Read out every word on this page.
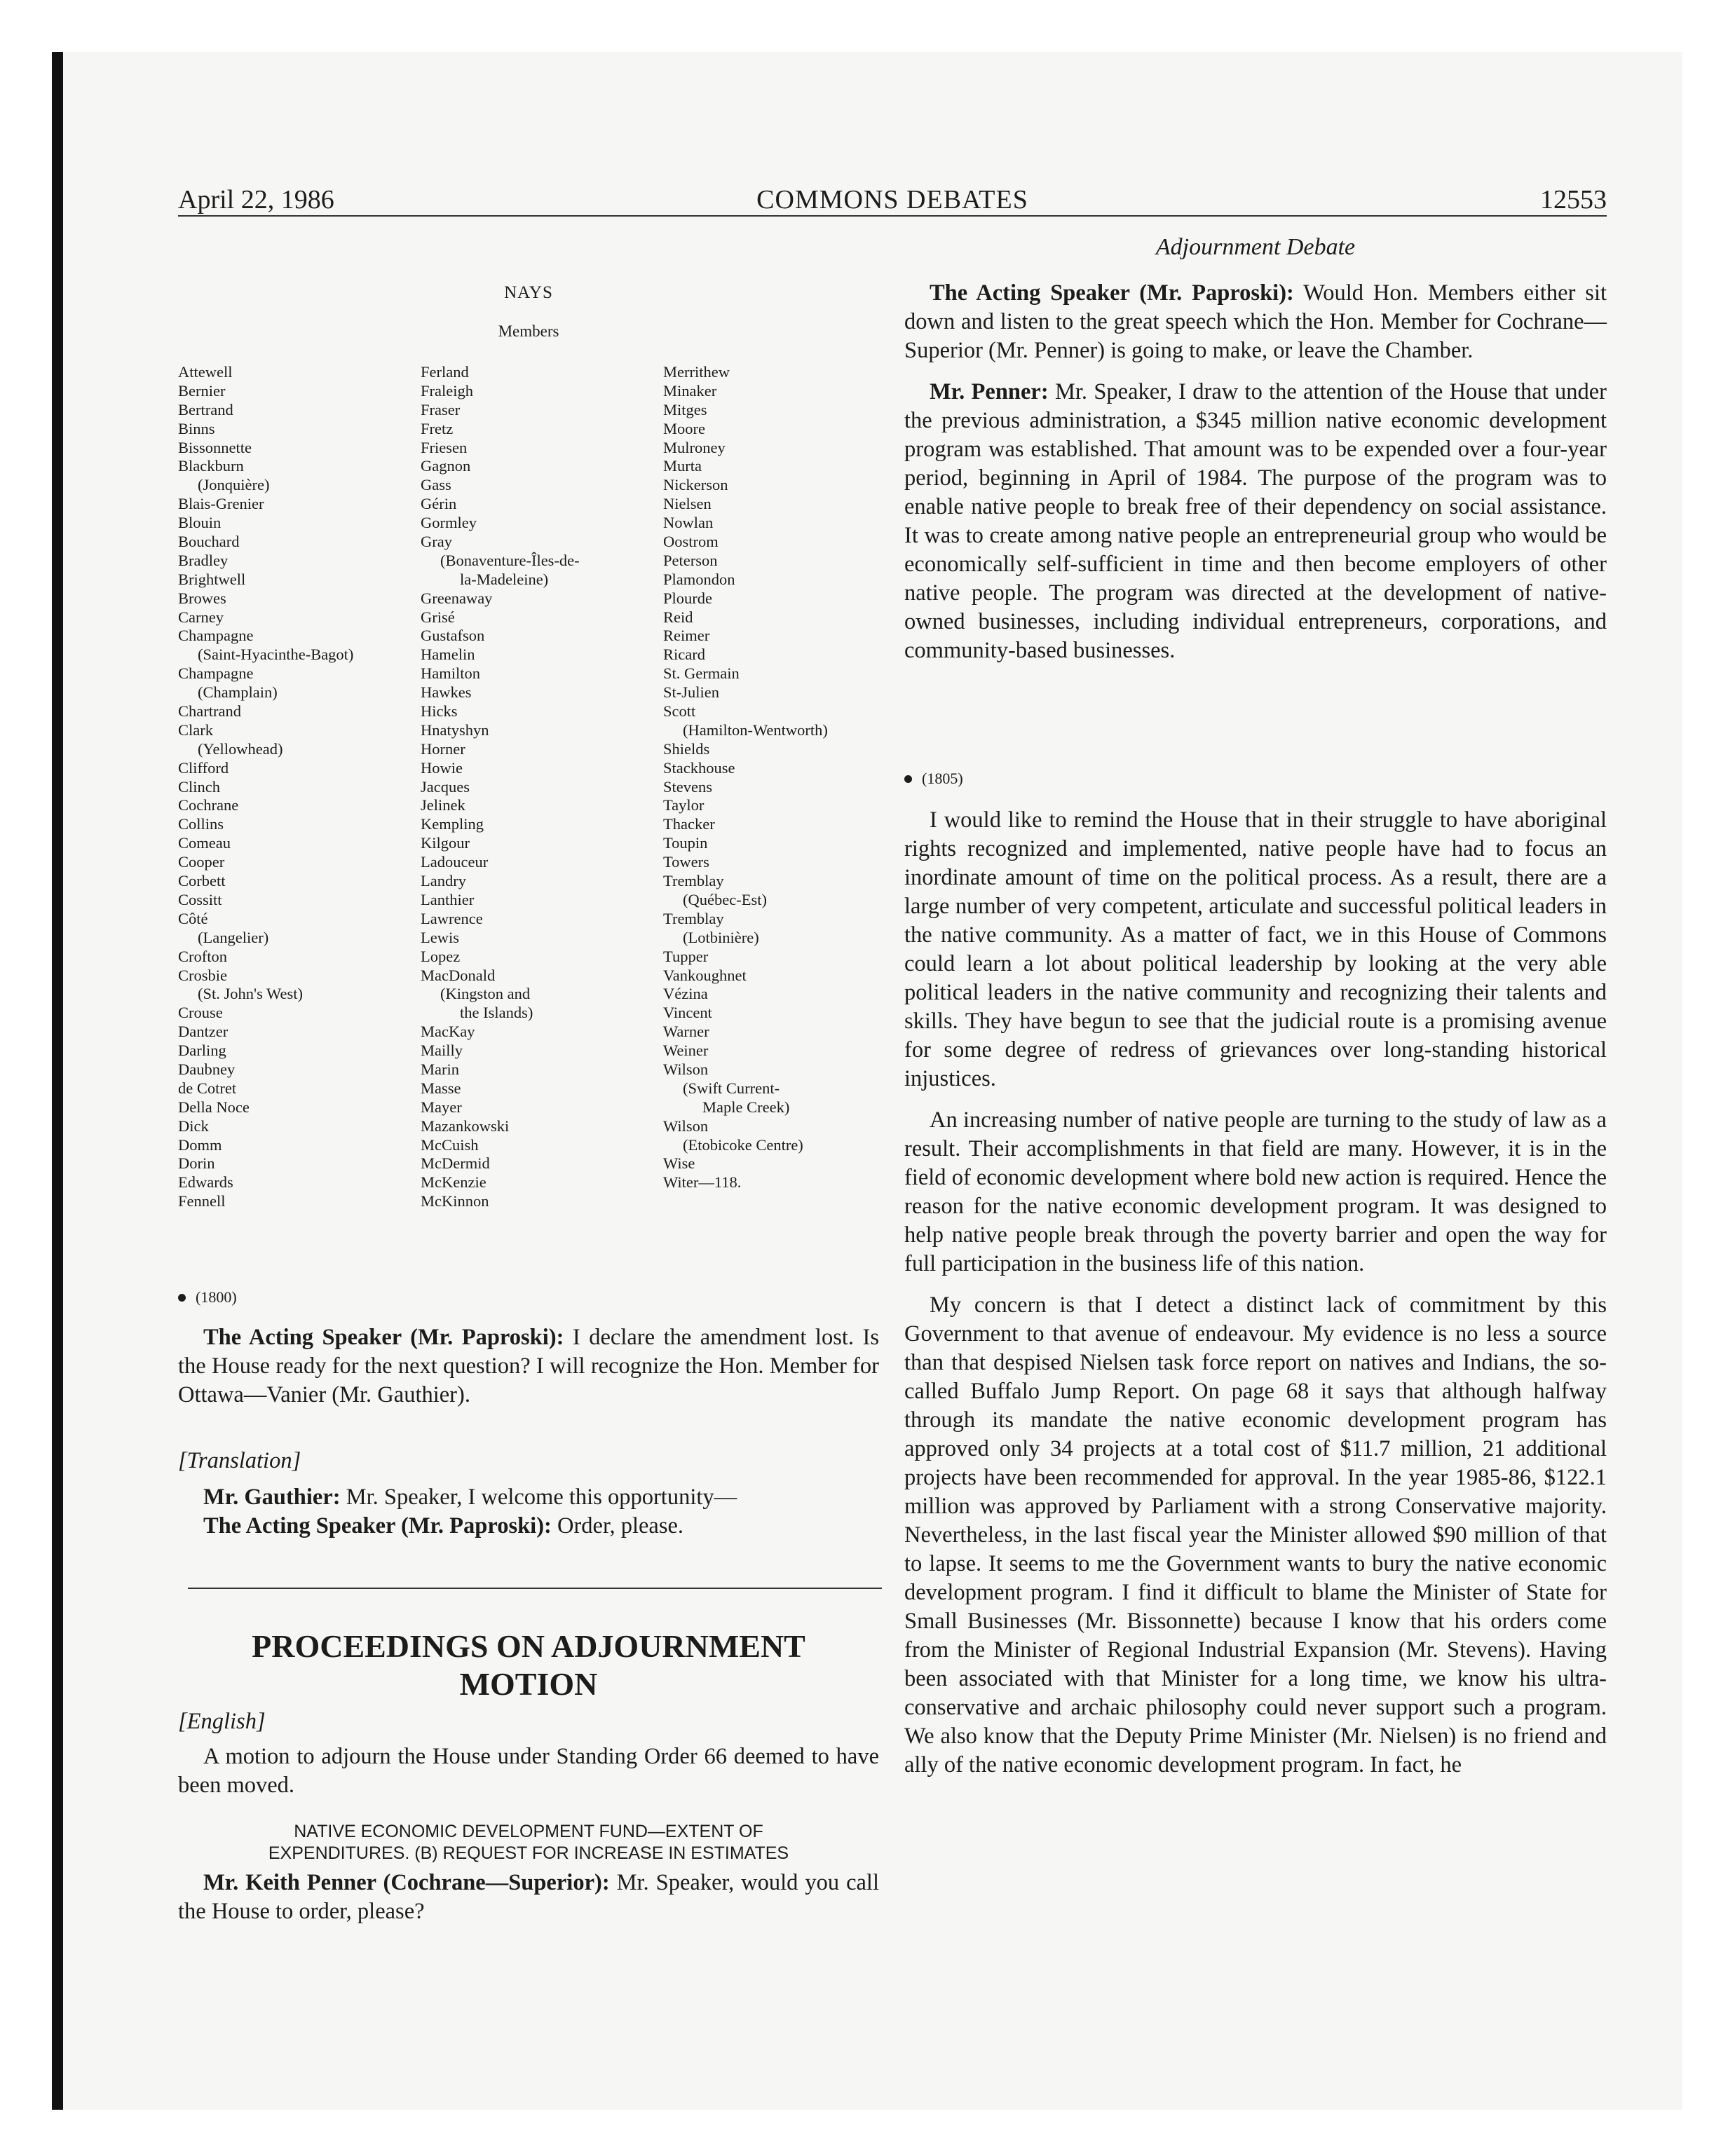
April 22, 1986	COMMONS DEBATES	12553
NAYS
Members
Attewell
Bernier
Bertrand
Binns
Bissonnette
Blackburn
(Jonquière)
Blais-Grenier
Blouin
Bouchard
Bradley
Brightwell
Browes
Carney
Champagne
(Saint-Hyacinthe-Bagot)
Champagne
(Champlain)
Chartrand
Clark
(Yellowhead)
Clifford
Clinch
Cochrane
Collins
Comeau
Cooper
Corbett
Cossitt
Côté
(Langelier)
Crofton
Crosbie
(St. John's West)
Crouse
Dantzer
Darling
Daubney
de Cotret
Della Noce
Dick
Domm
Dorin
Edwards
Fennell
Ferland
Fraleigh
Fraser
Fretz
Friesen
Gagnon
Gass
Gérin
Gormley
Gray
(Bonaventure-Îles-de-
la-Madeleine)
Greenaway
Grisé
Gustafson
Hamelin
Hamilton
Hawkes
Hicks
Hnatyshyn
Horner
Howie
Jacques
Jelinek
Kempling
Kilgour
Ladouceur
Landry
Lanthier
Lawrence
Lewis
Lopez
MacDonald
(Kingston and
the Islands)
MacKay
Mailly
Marin
Masse
Mayer
Mazankowski
McCuish
McDermid
McKenzie
McKinnon
Merrithew
Minaker
Mitges
Moore
Mulroney
Murta
Nickerson
Nielsen
Nowlan
Oostrom
Peterson
Plamondon
Plourde
Reid
Reimer
Ricard
St. Germain
St-Julien
Scott
(Hamilton-Wentworth)
Shields
Stackhouse
Stevens
Taylor
Thacker
Toupin
Towers
Tremblay
(Québec-Est)
Tremblay
(Lotbinière)
Tupper
Vankoughnet
Vézina
Vincent
Warner
Weiner
Wilson
(Swift Current-
Maple Creek)
Wilson
(Etobicoke Centre)
Wise
Witer—118.
(1800)

The Acting Speaker (Mr. Paproski): I declare the amendment lost. Is the House ready for the next question? I will recognize the Hon. Member for Ottawa—Vanier (Mr. Gauthier).

[Translation]

Mr. Gauthier: Mr. Speaker, I welcome this opportunity—

The Acting Speaker (Mr. Paproski): Order, please.

PROCEEDINGS ON ADJOURNMENT
MOTION
[English]

A motion to adjourn the House under Standing Order 66 deemed to have been moved.

NATIVE ECONOMIC DEVELOPMENT FUND—EXTENT OF
EXPENDITURES. (B) REQUEST FOR INCREASE IN ESTIMATES

Mr. Keith Penner (Cochrane—Superior): Mr. Speaker, would you call the House to order, please?

Adjournment Debate

The Acting Speaker (Mr. Paproski): Would Hon. Members either sit down and listen to the great speech which the Hon. Member for Cochrane—Superior (Mr. Penner) is going to make, or leave the Chamber.

Mr. Penner: Mr. Speaker, I draw to the attention of the House that under the previous administration, a $345 million native economic development program was established. That amount was to be expended over a four-year period, beginning in April of 1984. The purpose of the program was to enable native people to break free of their dependency on social assistance. It was to create among native people an entrepreneurial group who would be economically self-sufficient in time and then become employers of other native people. The program was directed at the development of native-owned businesses, including individual entrepreneurs, corporations, and community-based businesses.

(1805)

I would like to remind the House that in their struggle to have aboriginal rights recognized and implemented, native people have had to focus an inordinate amount of time on the political process. As a result, there are a large number of very competent, articulate and successful political leaders in the native community. As a matter of fact, we in this House of Commons could learn a lot about political leadership by looking at the very able political leaders in the native community and recognizing their talents and skills. They have begun to see that the judicial route is a promising avenue for some degree of redress of grievances over long-standing historical injustices.

An increasing number of native people are turning to the study of law as a result. Their accomplishments in that field are many. However, it is in the field of economic development where bold new action is required. Hence the reason for the native economic development program. It was designed to help native people break through the poverty barrier and open the way for full participation in the business life of this nation.

My concern is that I detect a distinct lack of commitment by this Government to that avenue of endeavour. My evidence is no less a source than that despised Nielsen task force report on natives and Indians, the so-called Buffalo Jump Report. On page 68 it says that although halfway through its mandate the native economic development program has approved only 34 projects at a total cost of $11.7 million, 21 additional projects have been recommended for approval. In the year 1985-86, $122.1 million was approved by Parliament with a strong Conservative majority. Nevertheless, in the last fiscal year the Minister allowed $90 million of that to lapse. It seems to me the Government wants to bury the native economic development program. I find it difficult to blame the Minister of State for Small Businesses (Mr. Bissonnette) because I know that his orders come from the Minister of Regional Industrial Expansion (Mr. Stevens). Having been associated with that Minister for a long time, we know his ultra-conservative and archaic philosophy could never support such a program. We also know that the Deputy Prime Minister (Mr. Nielsen) is no friend and ally of the native economic development program. In fact, he
